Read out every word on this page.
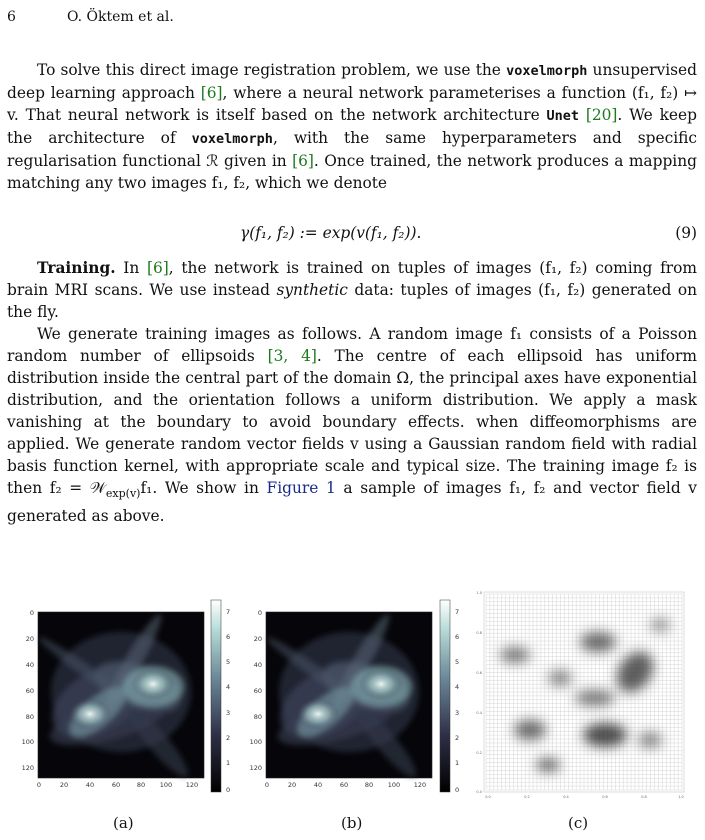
6	O. Öktem et al.

To solve this direct image registration problem, we use the voxelmorph unsupervised deep learning approach [6], where a neural network parameterises a function (f₁, f₂) ↦ v. That neural network is itself based on the network architecture Unet [20]. We keep the architecture of voxelmorph, with the same hyperparameters and specific regularisation functional ℛ given in [6]. Once trained, the network produces a mapping matching any two images f₁, f₂, which we denote

γ(f₁, f₂) := exp(v(f₁, f₂)).	(9)

Training. In [6], the network is trained on tuples of images (f₁, f₂) coming from brain MRI scans. We use instead synthetic data: tuples of images (f₁, f₂) generated on the fly.

We generate training images as follows. A random image f₁ consists of a Poisson random number of ellipsoids [3, 4]. The centre of each ellipsoid has uniform distribution inside the central part of the domain Ω, the principal axes have exponential distribution, and the orientation follows a uniform distribution. We apply a mask vanishing at the boundary to avoid boundary effects. when diffeomorphisms are applied. We generate random vector fields v using a Gaussian random field with radial basis function kernel, with appropriate scale and typical size. The training image f₂ is then f₂ = 𝒲$_{exp(v)}$f₁. We show in Figure 1 a sample of images f₁, f₂ and vector field v generated as above.

0
20
40
60
80
100
120
0	20	40	60	80 100 120
7
6
5
4
3
2
1
0
0
20
40
60
80
100
120
0	20	40	60	80 100 120
7
6
5
4
3
2
1
0
1.0
0.8
0.6
0.4
0.2
0.0
0.0	0.2	0.4	0.6	0.8	1.0
(a)	(b)	(c)
